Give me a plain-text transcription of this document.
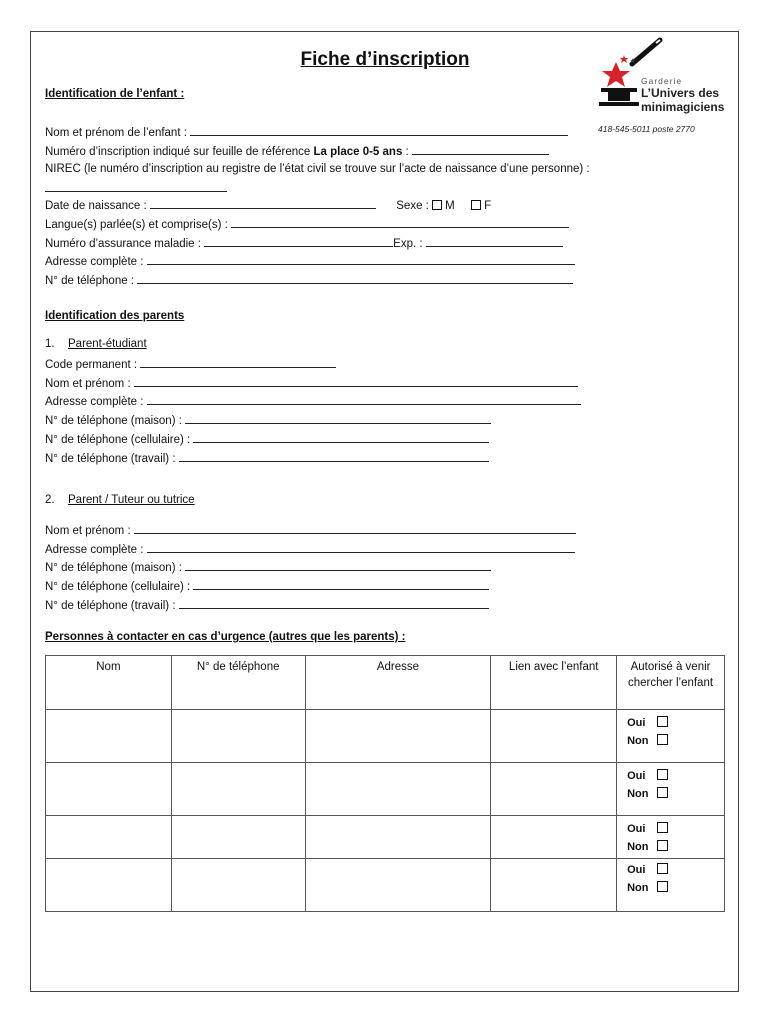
Fiche d’inscription
Garderie
L’Univers des
minimagiciens
418-545-5011 poste 2770
Identification de l’enfant :
Nom et prénom de l’enfant :
Numéro d’inscription indiqué sur feuille de référence La place 0-5 ans :
NIREC (le numéro d’inscription au registre de l’état civil se trouve sur l’acte de naissance d’une personne) :
Date de naissance :	Sexe : M	F
Langue(s) parlée(s) et comprise(s) :
Numéro d’assurance maladie :	Exp. :
Adresse complète :
N° de téléphone :
Identification des parents
1. Parent-étudiant
Code permanent :
Nom et prénom :
Adresse complète :
N° de téléphone (maison) :
N° de téléphone (cellulaire) :
N° de téléphone (travail) :
2. Parent / Tuteur ou tutrice
Nom et prénom :
Adresse complète :
N° de téléphone (maison) :
N° de téléphone (cellulaire) :
N° de téléphone (travail) :
Personnes à contacter en cas d’urgence (autres que les parents) :
Nom	N° de téléphone	Adresse	Lien avec l’enfant	Autorisé à venir chercher l’enfant

				Oui
Non

				Oui
Non

				Oui
Non

				Oui
Non
